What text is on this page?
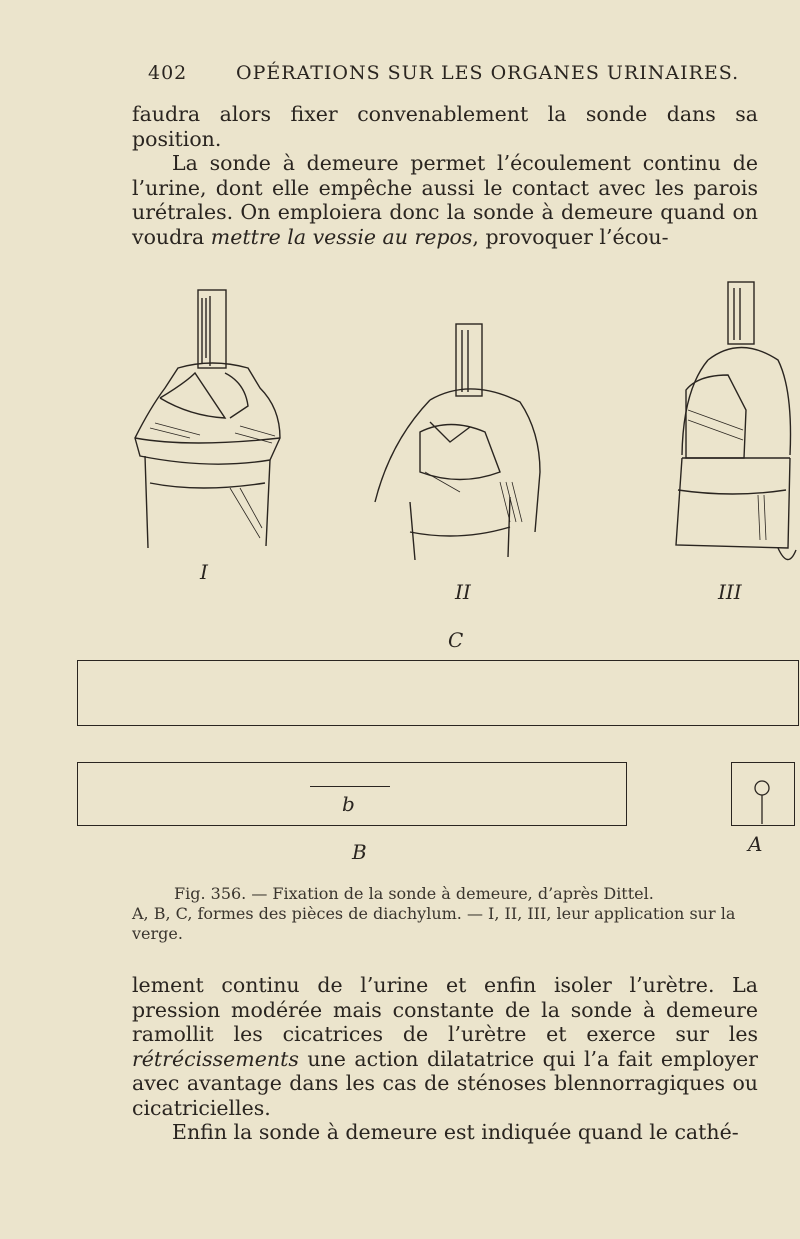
402	OPÉRATIONS SUR LES ORGANES URINAIRES.

faudra alors fixer convenablement la sonde dans sa position.

La sonde à demeure permet l’écoulement continu de l’urine, dont elle empêche aussi le contact avec les parois urétrales. On emploiera donc la sonde à demeure quand on voudra mettre la vessie au repos, provoquer l’écou-

I
II	III
C
b
B	A
Fig. 356. — Fixation de la sonde à demeure, d’après Dittel.
A, B, C, formes des pièces de diachylum. — I, II, III, leur application sur la verge.

lement continu de l’urine et enfin isoler l’urètre. La pression modérée mais constante de la sonde à demeure ramollit les cicatrices de l’urètre et exerce sur les rétrécissements une action dilatatrice qui l’a fait employer avec avantage dans les cas de sténoses blennorragiques ou cicatricielles.

Enfin la sonde à demeure est indiquée quand le cathé-
